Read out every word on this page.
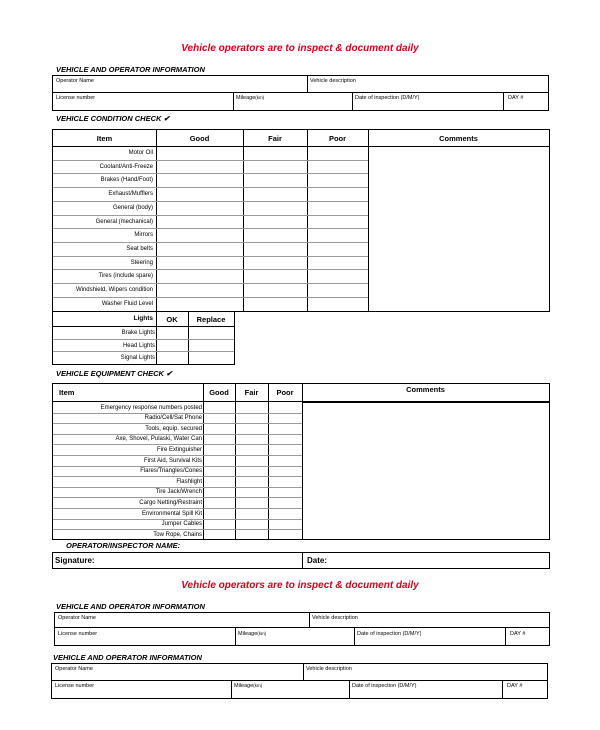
Vehicle operators are to inspect & document daily
VEHICLE AND OPERATOR INFORMATION
Operator Name	Vehicle description
License number	Mileage(km)	Date of inspection (D/M/Y)	DAY #
VEHICLE CONDITION CHECK ✔
Item	Good	Fair	Poor	Comments
Motor Oil
Coolant/Anti-Freeze
Brakes (Hand/Foot)
Exhaust/Mufflers
General (body)
General (mechanical)
Mirrors
Seat belts
Steering
Tires (include spare)
Windshield, Wipers condition
Washer Fluid Level
Lights	OK	Replace
Brake Lights
Head Lights
Signal Lights
VEHICLE EQUIPMENT CHECK ✔
Item	Good	Fair	Poor	Comments
Emergency response numbers posted
Radio/Cell/Sat Phone
Tools, equip. secured
Axe, Shovel, Pulaski, Water Can
Fire Extinguisher
First Aid, Survival Kits
Flares/Triangles/Cones
Flashlight
Tire Jack/Wrench
Cargo Netting/Restraint
Environmental Spill Kit
Jumper Cables
Tow Rope, Chains
OPERATOR/INSPECTOR NAME:
Signature:	Date:
Vehicle operators are to inspect & document daily
VEHICLE AND OPERATOR INFORMATION
Operator Name	Vehicle description
License number	Mileage(km)	Date of inspection (D/M/Y)	DAY #
VEHICLE AND OPERATOR INFORMATION
Operator Name	Vehicle description
License number	Mileage(km)	Date of inspection (D/M/Y)	DAY #
